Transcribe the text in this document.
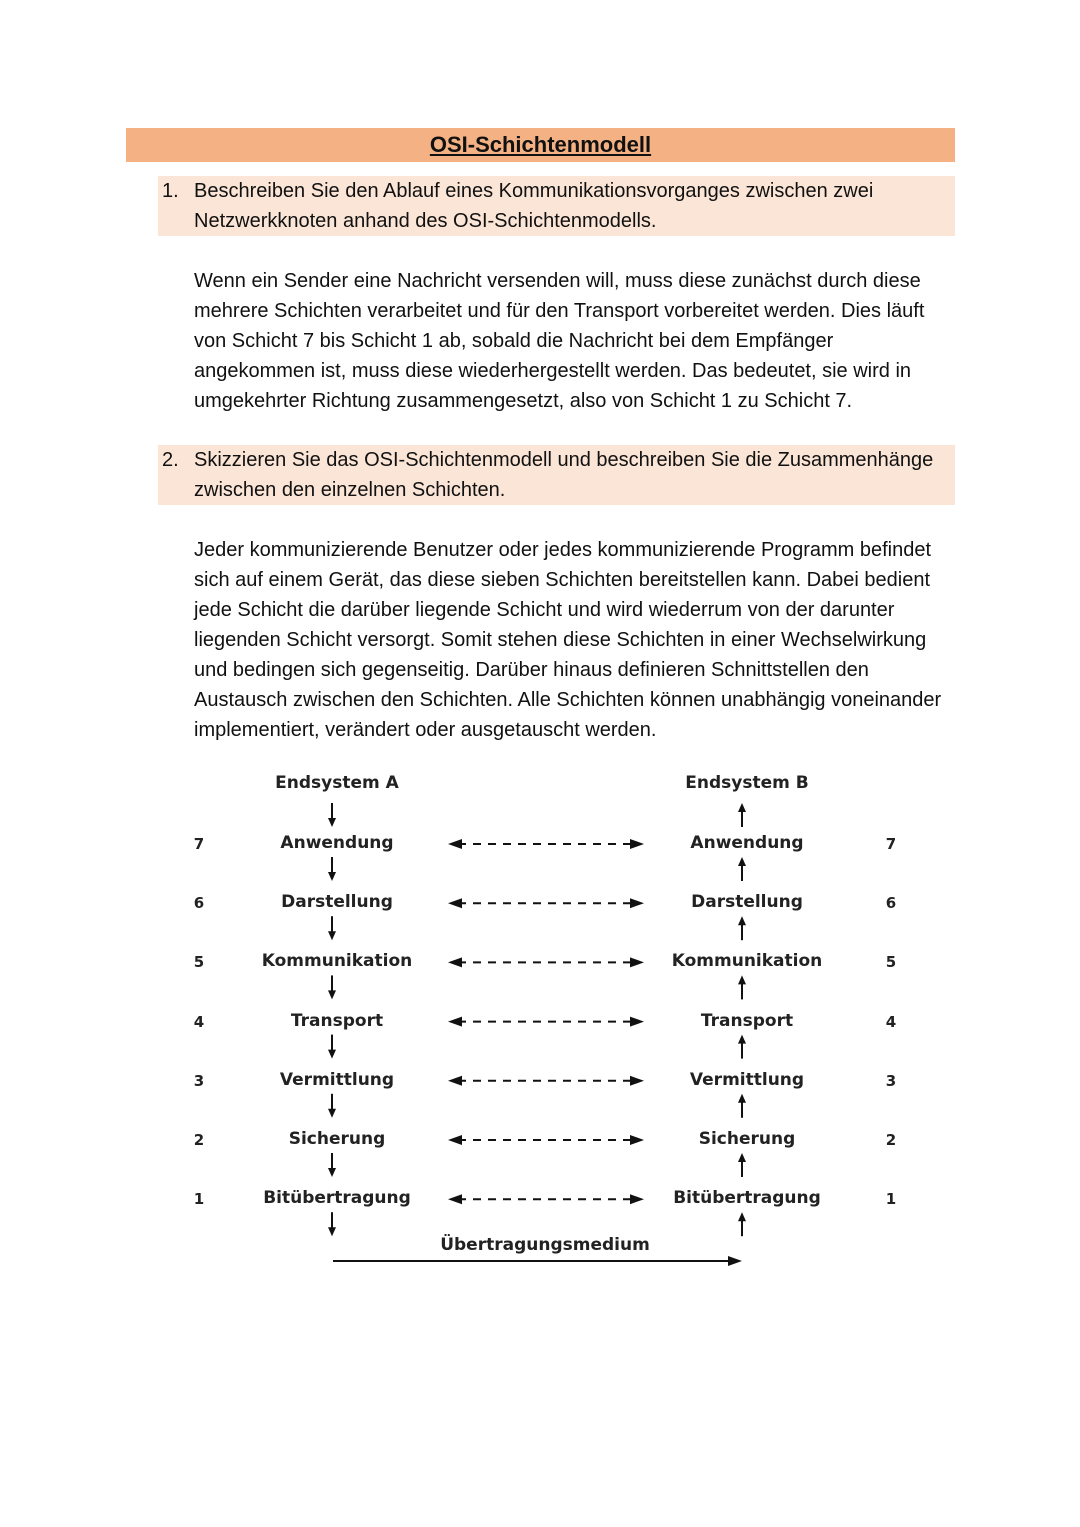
OSI-Schichtenmodell
1. Beschreiben Sie den Ablauf eines Kommunikationsvorganges zwischen zwei Netzwerkknoten anhand des OSI-Schichtenmodells.

Wenn ein Sender eine Nachricht versenden will, muss diese zunächst durch diese mehrere Schichten verarbeitet und für den Transport vorbereitet werden. Dies läuft von Schicht 7 bis Schicht 1 ab, sobald die Nachricht bei dem Empfänger angekommen ist, muss diese wiederhergestellt werden. Das bedeutet, sie wird in umgekehrter Richtung zusammengesetzt, also von Schicht 1 zu Schicht 7.

2. Skizzieren Sie das OSI-Schichtenmodell und beschreiben Sie die Zusammenhänge zwischen den einzelnen Schichten.

Jeder kommunizierende Benutzer oder jedes kommunizierende Programm befindet sich auf einem Gerät, das diese sieben Schichten bereitstellen kann. Dabei bedient jede Schicht die darüber liegende Schicht und wird wiederrum von der darunter liegenden Schicht versorgt. Somit stehen diese Schichten in einer Wechselwirkung und bedingen sich gegenseitig. Darüber hinaus definieren Schnittstellen den Austausch zwischen den Schichten. Alle Schichten können unabhängig voneinander implementiert, verändert oder ausgetauscht werden.

Endsystem A	Endsystem B
Übertragungsmedium
7	Anwendung	Anwendung	7
6	Darstellung	Darstellung	6
5	Kommunikation	Kommunikation	5
4	Transport	Transport	4
3	Vermittlung	Vermittlung	3
2	Sicherung	Sicherung	2
1	Bitübertragung	Bitübertragung	1
